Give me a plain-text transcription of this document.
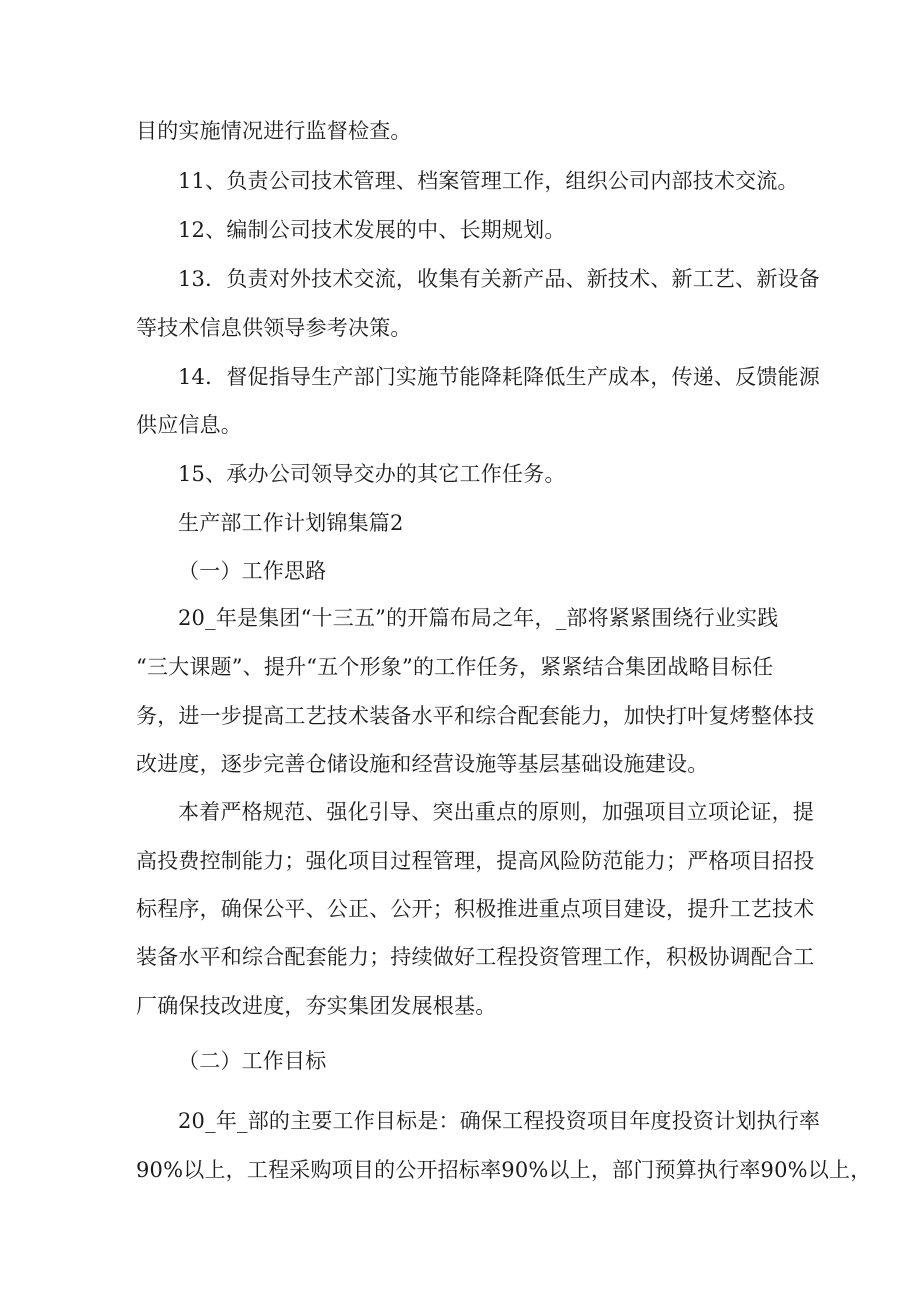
目的实施情况进行监督检查。
11、负责公司技术管理、档案管理工作，组织公司内部技术交流。
12、编制公司技术发展的中、长期规划。
13．负责对外技术交流，收集有关新产品、新技术、新工艺、新设备
等技术信息供领导参考决策。
14．督促指导生产部门实施节能降耗降低生产成本，传递、反馈能源
供应信息。
15、承办公司领导交办的其它工作任务。
生产部工作计划锦集篇2
（一）工作思路
20_年是集团“十三五”的开篇布局之年，_部将紧紧围绕行业实践
“三大课题”、提升“五个形象”的工作任务，紧紧结合集团战略目标任
务，进一步提高工艺技术装备水平和综合配套能力，加快打叶复烤整体技
改进度，逐步完善仓储设施和经营设施等基层基础设施建设。
本着严格规范、强化引导、突出重点的原则，加强项目立项论证，提
高投费控制能力；强化项目过程管理，提高风险防范能力；严格项目招投
标程序，确保公平、公正、公开；积极推进重点项目建设，提升工艺技术
装备水平和综合配套能力；持续做好工程投资管理工作，积极协调配合工
厂确保技改进度，夯实集团发展根基。
（二）工作目标
20_年_部的主要工作目标是：确保工程投资项目年度投资计划执行率
90%以上，工程采购项目的公开招标率90%以上，部门预算执行率90%以上，
